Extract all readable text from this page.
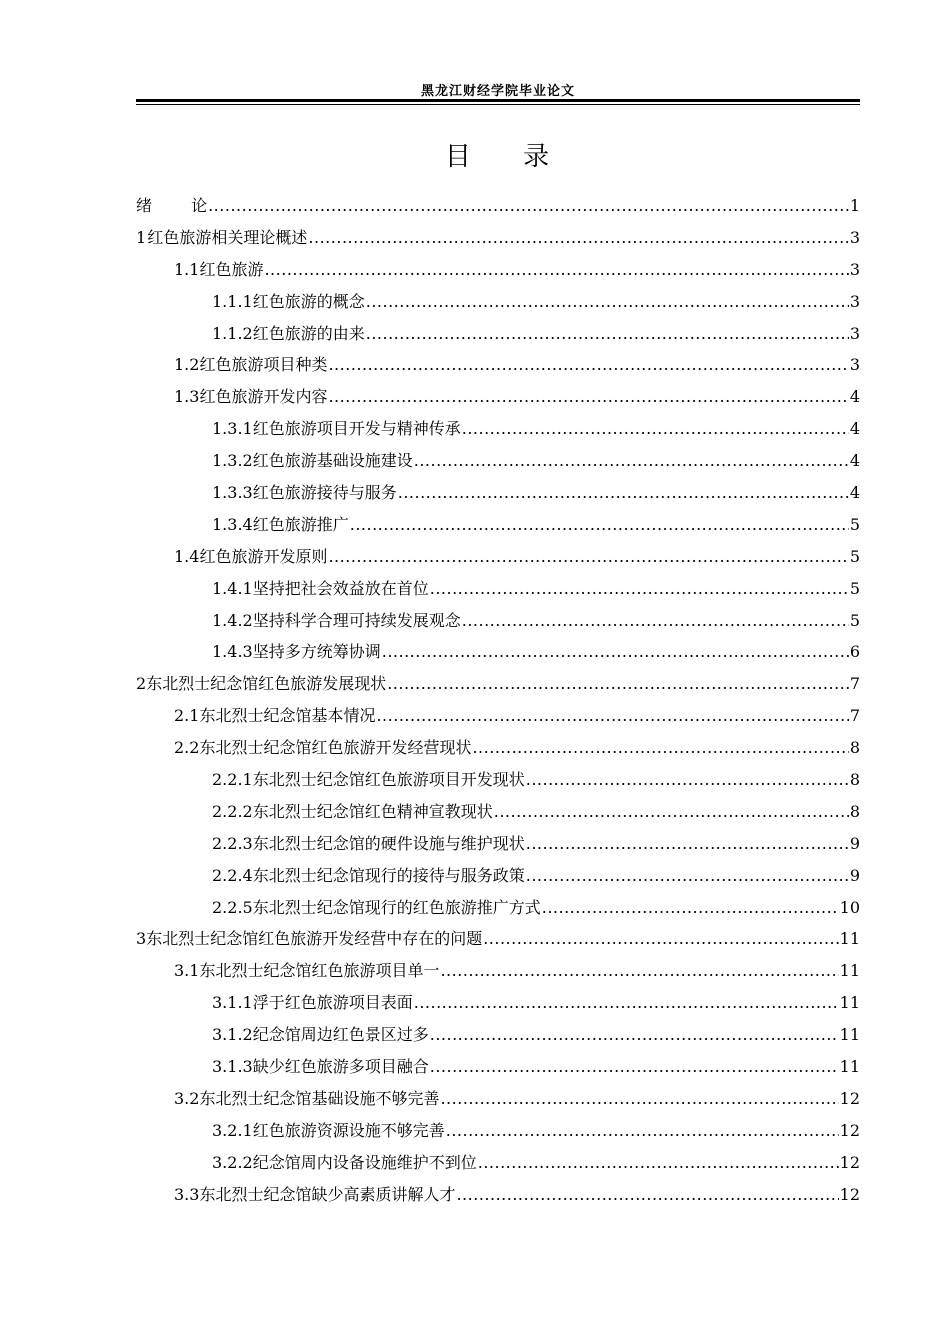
黑龙江财经学院毕业论文
目 录
绪 论 .....	1
1 红色旅游相关理论概述 .....	3
1.1 红色旅游 .....	3
1.1.1 红色旅游的概念 .....	3
1.1.2 红色旅游的由来 .....	3
1.2 红色旅游项目种类 .....	3
1.3 红色旅游开发内容 .....	4
1.3.1 红色旅游项目开发与精神传承 .....	4
1.3.2 红色旅游基础设施建设 .....	4
1.3.3 红色旅游接待与服务 .....	4
1.3.4 红色旅游推广 .....	5
1.4 红色旅游开发原则 .....	5
1.4.1 坚持把社会效益放在首位 .....	5
1.4.2 坚持科学合理可持续发展观念 .....	5
1.4.3 坚持多方统筹协调 .....	6
2 东北烈士纪念馆红色旅游发展现状 .....	7
2.1 东北烈士纪念馆基本情况 .....	7
2.2 东北烈士纪念馆红色旅游开发经营现状 .....	8
2.2.1 东北烈士纪念馆红色旅游项目开发现状 .....	8
2.2.2 东北烈士纪念馆红色精神宣教现状 .....	8
2.2.3 东北烈士纪念馆的硬件设施与维护现状 .....	9
2.2.4 东北烈士纪念馆现行的接待与服务政策 .....	9
2.2.5 东北烈士纪念馆现行的红色旅游推广方式 .....	10
3 东北烈士纪念馆红色旅游开发经营中存在的问题 .....	11
3.1 东北烈士纪念馆红色旅游项目单一 .....	11
3.1.1 浮于红色旅游项目表面 .....	11
3.1.2 纪念馆周边红色景区过多 .....	11
3.1.3 缺少红色旅游多项目融合 .....	11
3.2 东北烈士纪念馆基础设施不够完善 .....	12
3.2.1 红色旅游资源设施不够完善 .....	12
3.2.2 纪念馆周内设备设施维护不到位 .....	12
3.3 东北烈士纪念馆缺少高素质讲解人才 .....	12
